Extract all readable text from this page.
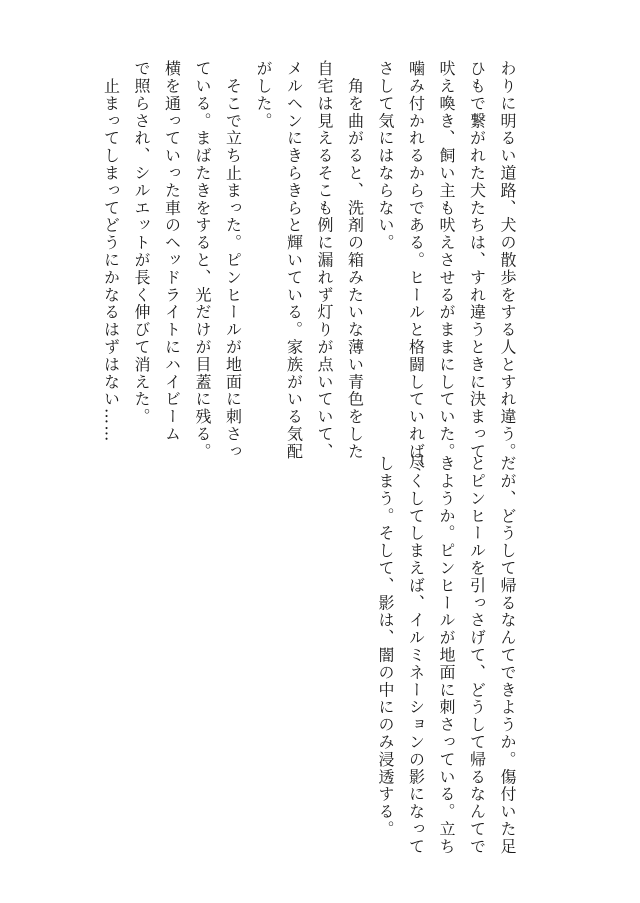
わりに明るい道路、犬の散歩をする人とすれ違う。
ひもで繋がれた犬たちは、すれ違うときに決まって
吠え喚き、飼い主も吠えさせるがままにしていた。
噛み付かれるからである。ヒールと格闘していれば、
さして気にはならない。
　角を曲がると、洗剤の箱みたいな薄い青色をした
自宅は見えるそこも例に漏れず灯りが点いていて、
メルヘンにきらきらと輝いている。家族がいる気配
がした。
　そこで立ち止まった。ピンヒールが地面に刺さっ
ている。まばたきをすると、光だけが目蓋に残る。
横を通っていった車のヘッドライトにハイビーム
で照らされ、シルエットが長く伸びて消えた。
　止まってしまってどうにかなるはずはない……
だが、どうして帰るなんてできようか。傷付いた足
とピンヒールを引っさげて、どうして帰るなんてで
きようか。ピンヒールが地面に刺さっている。立ち
尽くしてしまえば、イルミネーションの影になって
しまう。そして、影は、闇の中にのみ浸透する。
